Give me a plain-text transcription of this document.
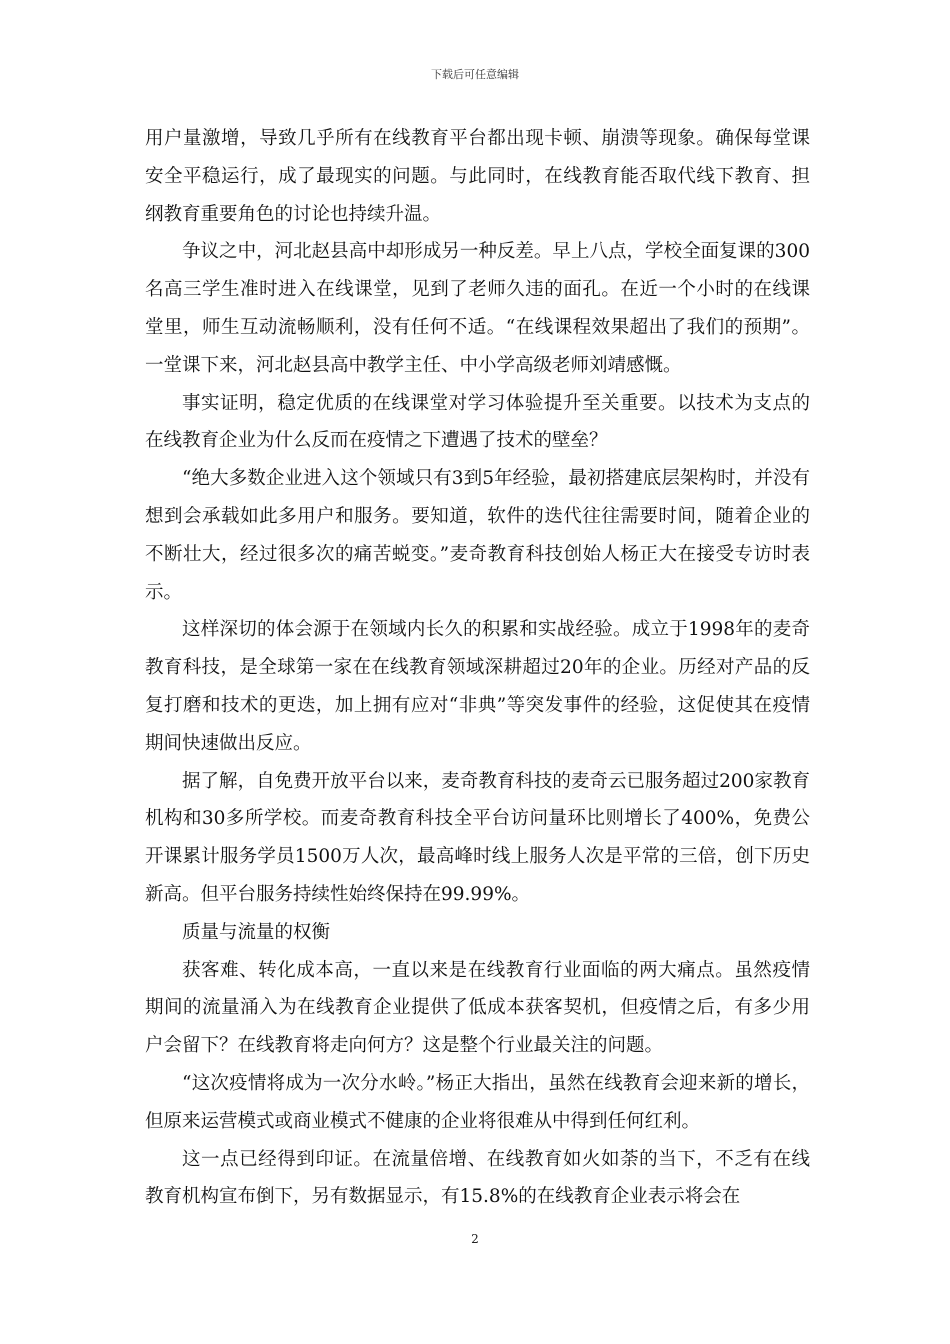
下载后可任意编辑

用户量激增，导致几乎所有在线教育平台都出现卡顿、崩溃等现象。确保每堂课安全平稳运行，成了最现实的问题。与此同时，在线教育能否取代线下教育、担纲教育重要角色的讨论也持续升温。

争议之中，河北赵县高中却形成另一种反差。早上八点，学校全面复课的300名高三学生准时进入在线课堂，见到了老师久违的面孔。在近一个小时的在线课堂里，师生互动流畅顺利，没有任何不适。“在线课程效果超出了我们的预期”。一堂课下来，河北赵县高中教学主任、中小学高级老师刘靖感慨。

事实证明，稳定优质的在线课堂对学习体验提升至关重要。以技术为支点的在线教育企业为什么反而在疫情之下遭遇了技术的壁垒？

“绝大多数企业进入这个领域只有3到5年经验，最初搭建底层架构时，并没有想到会承载如此多用户和服务。要知道，软件的迭代往往需要时间，随着企业的不断壮大，经过很多次的痛苦蜕变。”麦奇教育科技创始人杨正大在接受专访时表示。

这样深切的体会源于在领域内长久的积累和实战经验。成立于1998年的麦奇教育科技，是全球第一家在在线教育领域深耕超过20年的企业。历经对产品的反复打磨和技术的更迭，加上拥有应对“非典”等突发事件的经验，这促使其在疫情期间快速做出反应。

据了解，自免费开放平台以来，麦奇教育科技的麦奇云已服务超过200家教育机构和30多所学校。而麦奇教育科技全平台访问量环比则增长了400%，免费公开课累计服务学员1500万人次，最高峰时线上服务人次是平常的三倍，创下历史新高。但平台服务持续性始终保持在99.99%。

质量与流量的权衡

获客难、转化成本高，一直以来是在线教育行业面临的两大痛点。虽然疫情期间的流量涌入为在线教育企业提供了低成本获客契机，但疫情之后，有多少用户会留下？在线教育将走向何方？这是整个行业最关注的问题。

“这次疫情将成为一次分水岭。”杨正大指出，虽然在线教育会迎来新的增长，但原来运营模式或商业模式不健康的企业将很难从中得到任何红利。

这一点已经得到印证。在流量倍增、在线教育如火如荼的当下，不乏有在线教育机构宣布倒下，另有数据显示，有15.8%的在线教育企业表示将会在

2
